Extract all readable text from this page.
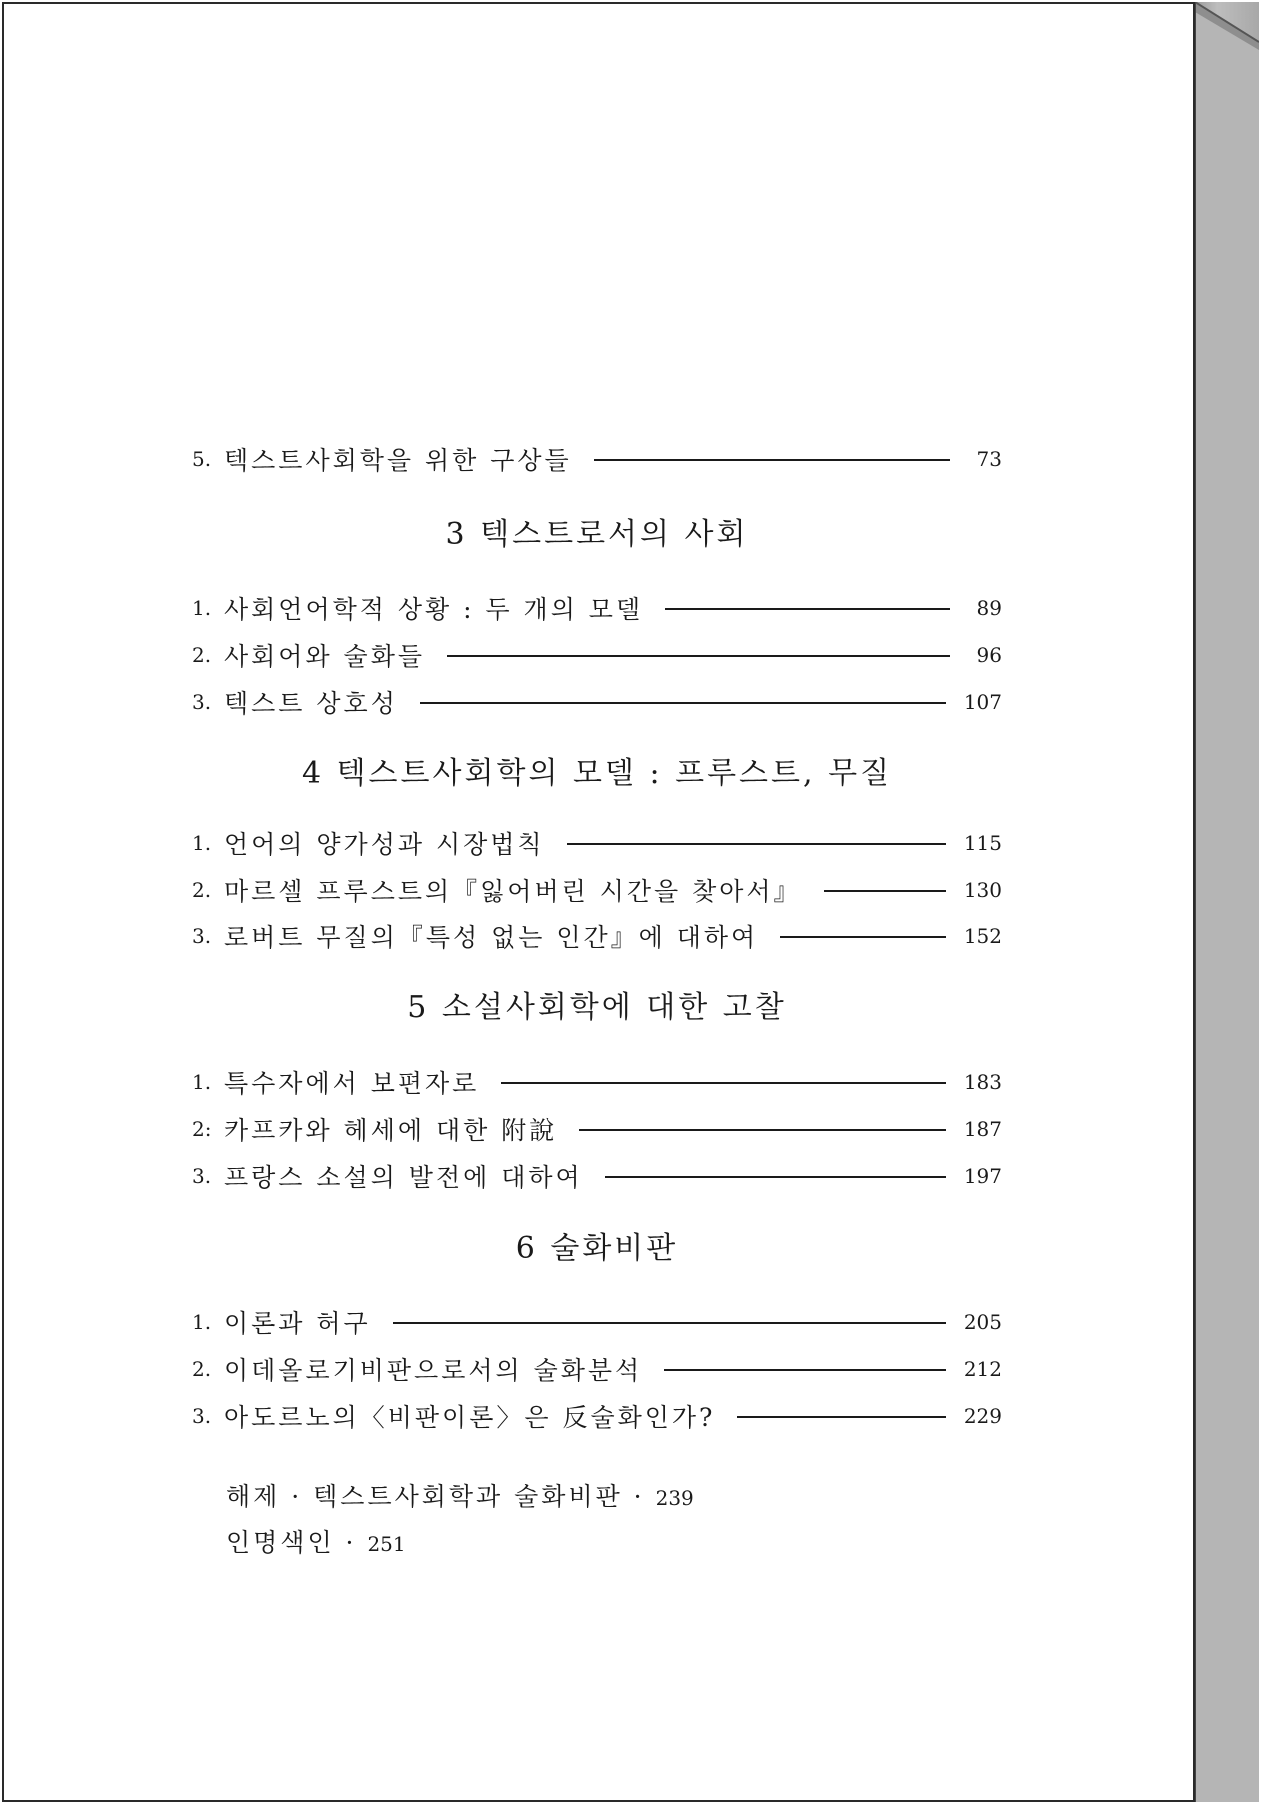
5. 텍스트사회학을 위한 구상들	73
3 텍스트로서의 사회
1. 사회언어학적 상황 : 두 개의 모델	89
2. 사회어와 술화들	96
3. 텍스트 상호성	107
4 텍스트사회학의 모델 : 프루스트, 무질
1. 언어의 양가성과 시장법칙	115
2. 마르셀 프루스트의『잃어버린 시간을 찾아서』	130
3. 로버트 무질의『특성 없는 인간』에 대하여	152
5 소설사회학에 대한 고찰
1. 특수자에서 보편자로	183
2: 카프카와 헤세에 대한 附說	187
3. 프랑스 소설의 발전에 대하여	197
6 술화비판
1. 이론과 허구	205
2. 이데올로기비판으로서의 술화분석	212
3. 아도르노의〈비판이론〉은 反술화인가?	229
해제 · 텍스트사회학과 술화비판 · 239
인명색인 · 251
